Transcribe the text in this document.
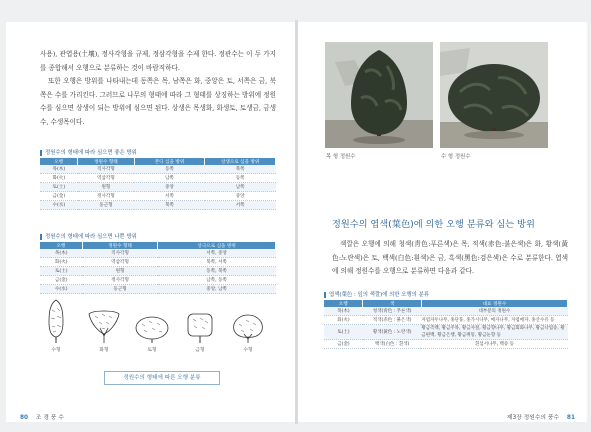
사용), 관엽용(土壤), 정사각형을 규제, 정삼각형을 수제 한다. 정관수는 이 두 가지를 종합해서 오행으로 분류하는 것이 바람직하다.

또한 오행은 방위를 나타내는데 동쪽은 목, 남쪽은 화, 중앙은 토, 서쪽은 금, 북쪽은 수를 가리킨다. 그러므로 나무의 형태에 따라 그 형태를 상징하는 방위에 정원수를 심으면 상생이 되는 방위에 심으면 된다. 상생은 목생화, 화생토, 토생금, 금생수, 수생목이다.

정원수의 형태에 따라 심으면 좋은 방위
오행	정원수 형태	본디 심을 방위	상생으로 심을 방위
목(木)	직사각형	동쪽	북쪽
화(火)	역삼각형	남쪽	동쪽
토(土)	원형	중앙	남쪽
금(金)	정사각형	서쪽	중앙
수(水)	둥근형	북쪽	서쪽
정원수의 형태에 따라 심으면 나쁜 방위
오행	정원수 형태	상극으로 심을 방위
목(木)	직사각형	서쪽, 중앙
화(火)	역삼각형	북쪽, 서쪽
토(土)	원형	동쪽, 북쪽
금(金)	정사각형	남쪽, 동쪽
수(水)	둥근형	중앙, 남쪽
수형	화형	토형	금형	수형
정원수의 형태에 따른 오행 분류
80 조 경 풍 수
목 형 정원수	수 형 정원수
정원수의 엽색(葉色)에 의한 오행 분류와 심는 방위

색깔은 오행에 의해 청색(靑色:푸른색)은 목, 적색(赤色:붉은색)은 화, 황색(黃色:노란색)은 토, 백색(白色:흰색)은 금, 흑색(黑色:검은색)은 수로 분류한다. 엽색에 의해 정원수를 오행으로 분류하면 다음과 같다.

엽색(葉色 : 잎의 색깔)에 의한 오행의 분류
오행	색	대표 정원수
목(木)	청색(靑色 : 푸른색)	대부분의 정원수
화(火)	적색(赤色 : 붉은색)	자엽자두나무, 홍단풍, 홍가시나무, 매자나무, 자엽매자, 홍산수유 등
토(土)	황색(黃色 : 노란색)	황금측백, 황금주목, 황금사철, 황금향나무, 황금회화나무, 황금낙엽송, 황금편백, 황금은행, 황금쥐똥, 황금눈향 등
금(金)	백색(白色 : 흰색)	흰섬서나무, 백송 등
제3장 정원수의 풍수 81
